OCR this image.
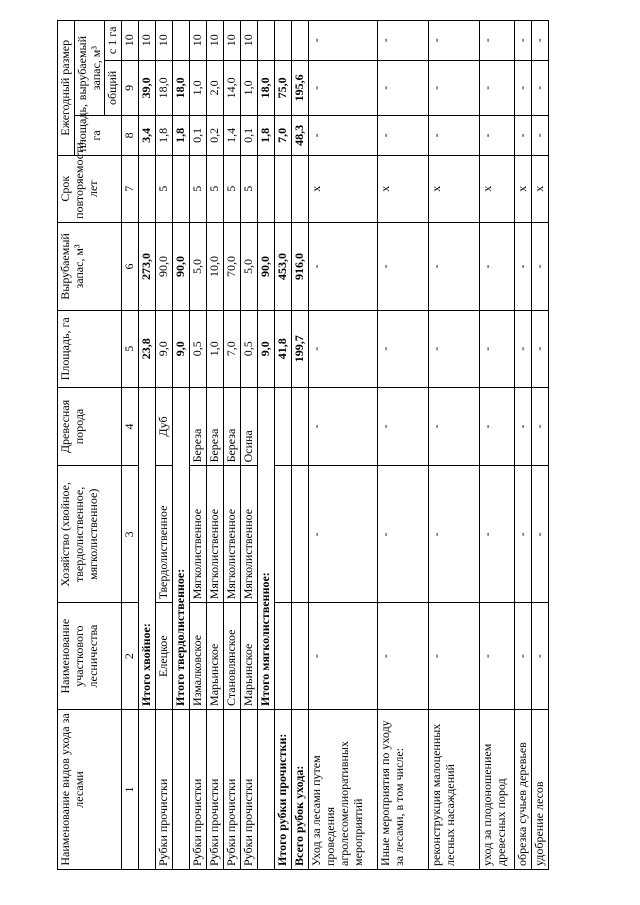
Наименование видов ухода за лесами	Наименование участкового лесничества	Хозяйство (хвойное, твердолиственное, мягколиственное)	Древесная порода	Площадь, га	Вырубаемый запас, м³	Срок повторяемости, лет	Ежегодный размер		
							площадь, га	вырубаемый запас, м³	
								общий	с 1 га
1	2	3	4	5	6	7	8	9	10
	Итого хвойное:			23,8	273,0		3,4	39,0	10
Рубки прочистки	Елецкое	Твердолиственное	Дуб	9,0	90,0	5	1,8	18,0	10
	Итого твердолиственное:			9,0	90,0		1,8	18,0	
Рубки прочистки	Измалковское	Мягколиственное	Береза	0,5	5,0	5	0,1	1,0	10
Рубки прочистки	Марьинское	Мягколиственное	Береза	1,0	10,0	5	0,2	2,0	10
Рубки прочистки	Становлянское	Мягколиственное	Береза	7,0	70,0	5	1,4	14,0	10
Рубки прочистки	Марьинское	Мягколиственное	Осина	0,5	5,0	5	0,1	1,0	10
	Итого мягколиственное:			9,0	90,0		1,8	18,0	
Итого рубки прочистки:				41,8	453,0		7,0	75,0	
Всего рубок ухода:				199,7	916,0		48,3	195,6	
Уход за лесами путем проведения агролесомелиоративных мероприятий	-	-	-	-	-	х	-	-	-
Иные мероприятия по уходу за лесами, в том числе:	-	-	-	-	-	х	-	-	-
реконструкция малоценных лесных насаждений	-	-	-	-	-	х	-	-	-
уход за плодоношением древесных пород	-	-	-	-	-	х	-	-	-
обрезка сучьев деревьев	-	-	-	-	-	х	-	-	-
удобрение лесов	-	-	-	-	-	х	-	-	-
